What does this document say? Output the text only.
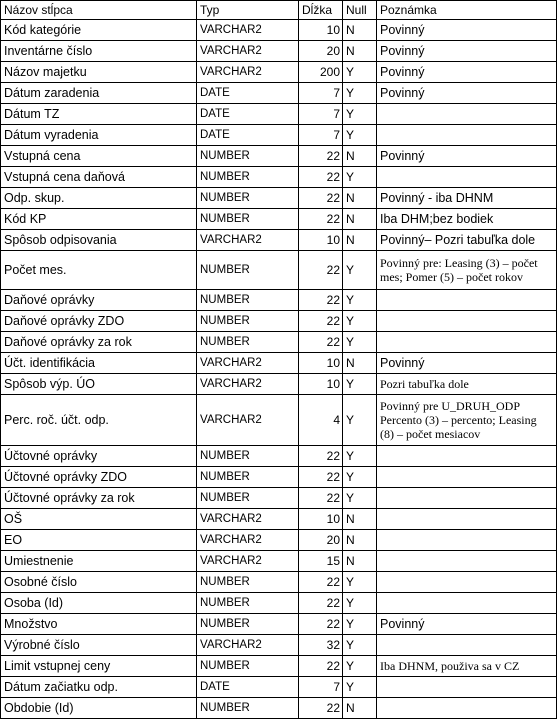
Názov stĺpca	Typ	Dĺžka	Null	Poznámka
Kód kategórie	VARCHAR2	10	N	Povinný
Inventárne číslo	VARCHAR2	20	N	Povinný
Názov majetku	VARCHAR2	200	Y	Povinný
Dátum zaradenia	DATE	7	Y	Povinný
Dátum TZ	DATE	7	Y	
Dátum vyradenia	DATE	7	Y	
Vstupná cena	NUMBER	22	N	Povinný
Vstupná cena daňová	NUMBER	22	Y	
Odp. skup.	NUMBER	22	N	Povinný - iba DHNM
Kód KP	NUMBER	22	N	Iba DHM;bez bodiek
Spôsob odpisovania	VARCHAR2	10	N	Povinný– Pozri tabuľka dole
Počet mes.	NUMBER	22	Y	Povinný pre: Leasing (3) – počet mes; Pomer (5) – počet rokov
Daňové oprávky	NUMBER	22	Y	
Daňové oprávky ZDO	NUMBER	22	Y	
Daňové oprávky za rok	NUMBER	22	Y	
Účt. identifikácia	VARCHAR2	10	N	Povinný
Spôsob výp. ÚO	VARCHAR2	10	Y	Pozri tabuľka dole
Perc. roč. účt. odp.	VARCHAR2	4	Y	Povinný pre U_DRUH_ODP Percento (3) – percento; Leasing (8) – počet mesiacov
Účtovné oprávky	NUMBER	22	Y	
Účtovné oprávky ZDO	NUMBER	22	Y	
Účtovné oprávky za rok	NUMBER	22	Y	
OŠ	VARCHAR2	10	N	
EO	VARCHAR2	20	N	
Umiestnenie	VARCHAR2	15	N	
Osobné číslo	NUMBER	22	Y	
Osoba (Id)	NUMBER	22	Y	
Množstvo	NUMBER	22	Y	Povinný
Výrobné číslo	VARCHAR2	32	Y	
Limit vstupnej ceny	NUMBER	22	Y	Iba DHNM, použiva sa v CZ
Dátum začiatku odp.	DATE	7	Y	
Obdobie (Id)	NUMBER	22	N	
